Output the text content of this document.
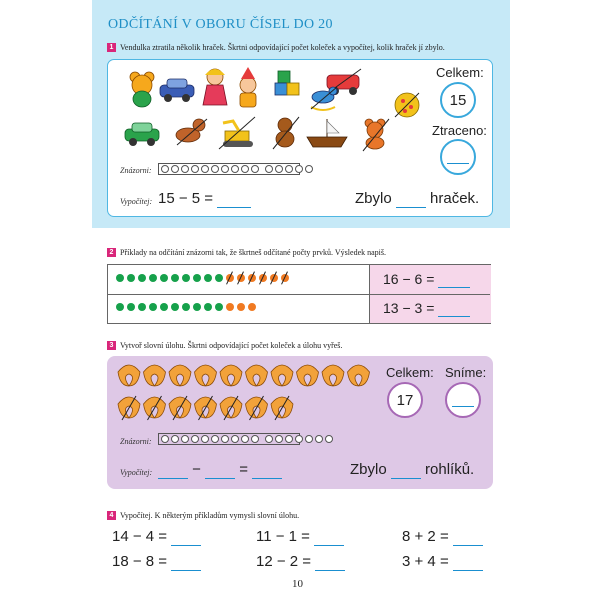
ODČÍTÁNÍ V OBORU ČÍSEL DO 20
1 Vendulka ztratila několik hraček. Škrtni odpovídající počet koleček a vypočítej, kolik hraček jí zbylo.
Celkem:
15
Ztraceno:
Znázorni:
Vypočítej: 15 − 5 =	Zbylo	hraček.
2 Příklady na odčítání znázorni tak, že škrtneš odčítané počty prvků. Výsledek napiš.
16 − 6 =
13 − 3 =
3 Vytvoř slovní úlohu. Škrtni odpovídající počet koleček a úlohu vyřeš.
Celkem:
17
Sníme:
Znázorni:
Vypočítej:	−	=	Zbylo	rohlíků.
4 Vypočítej. K některým příkladům vymysli slovní úlohu.
14 − 4 =	11 − 1 =	8 + 2 =
18 − 8 =	12 − 2 =	3 + 4 =
10
